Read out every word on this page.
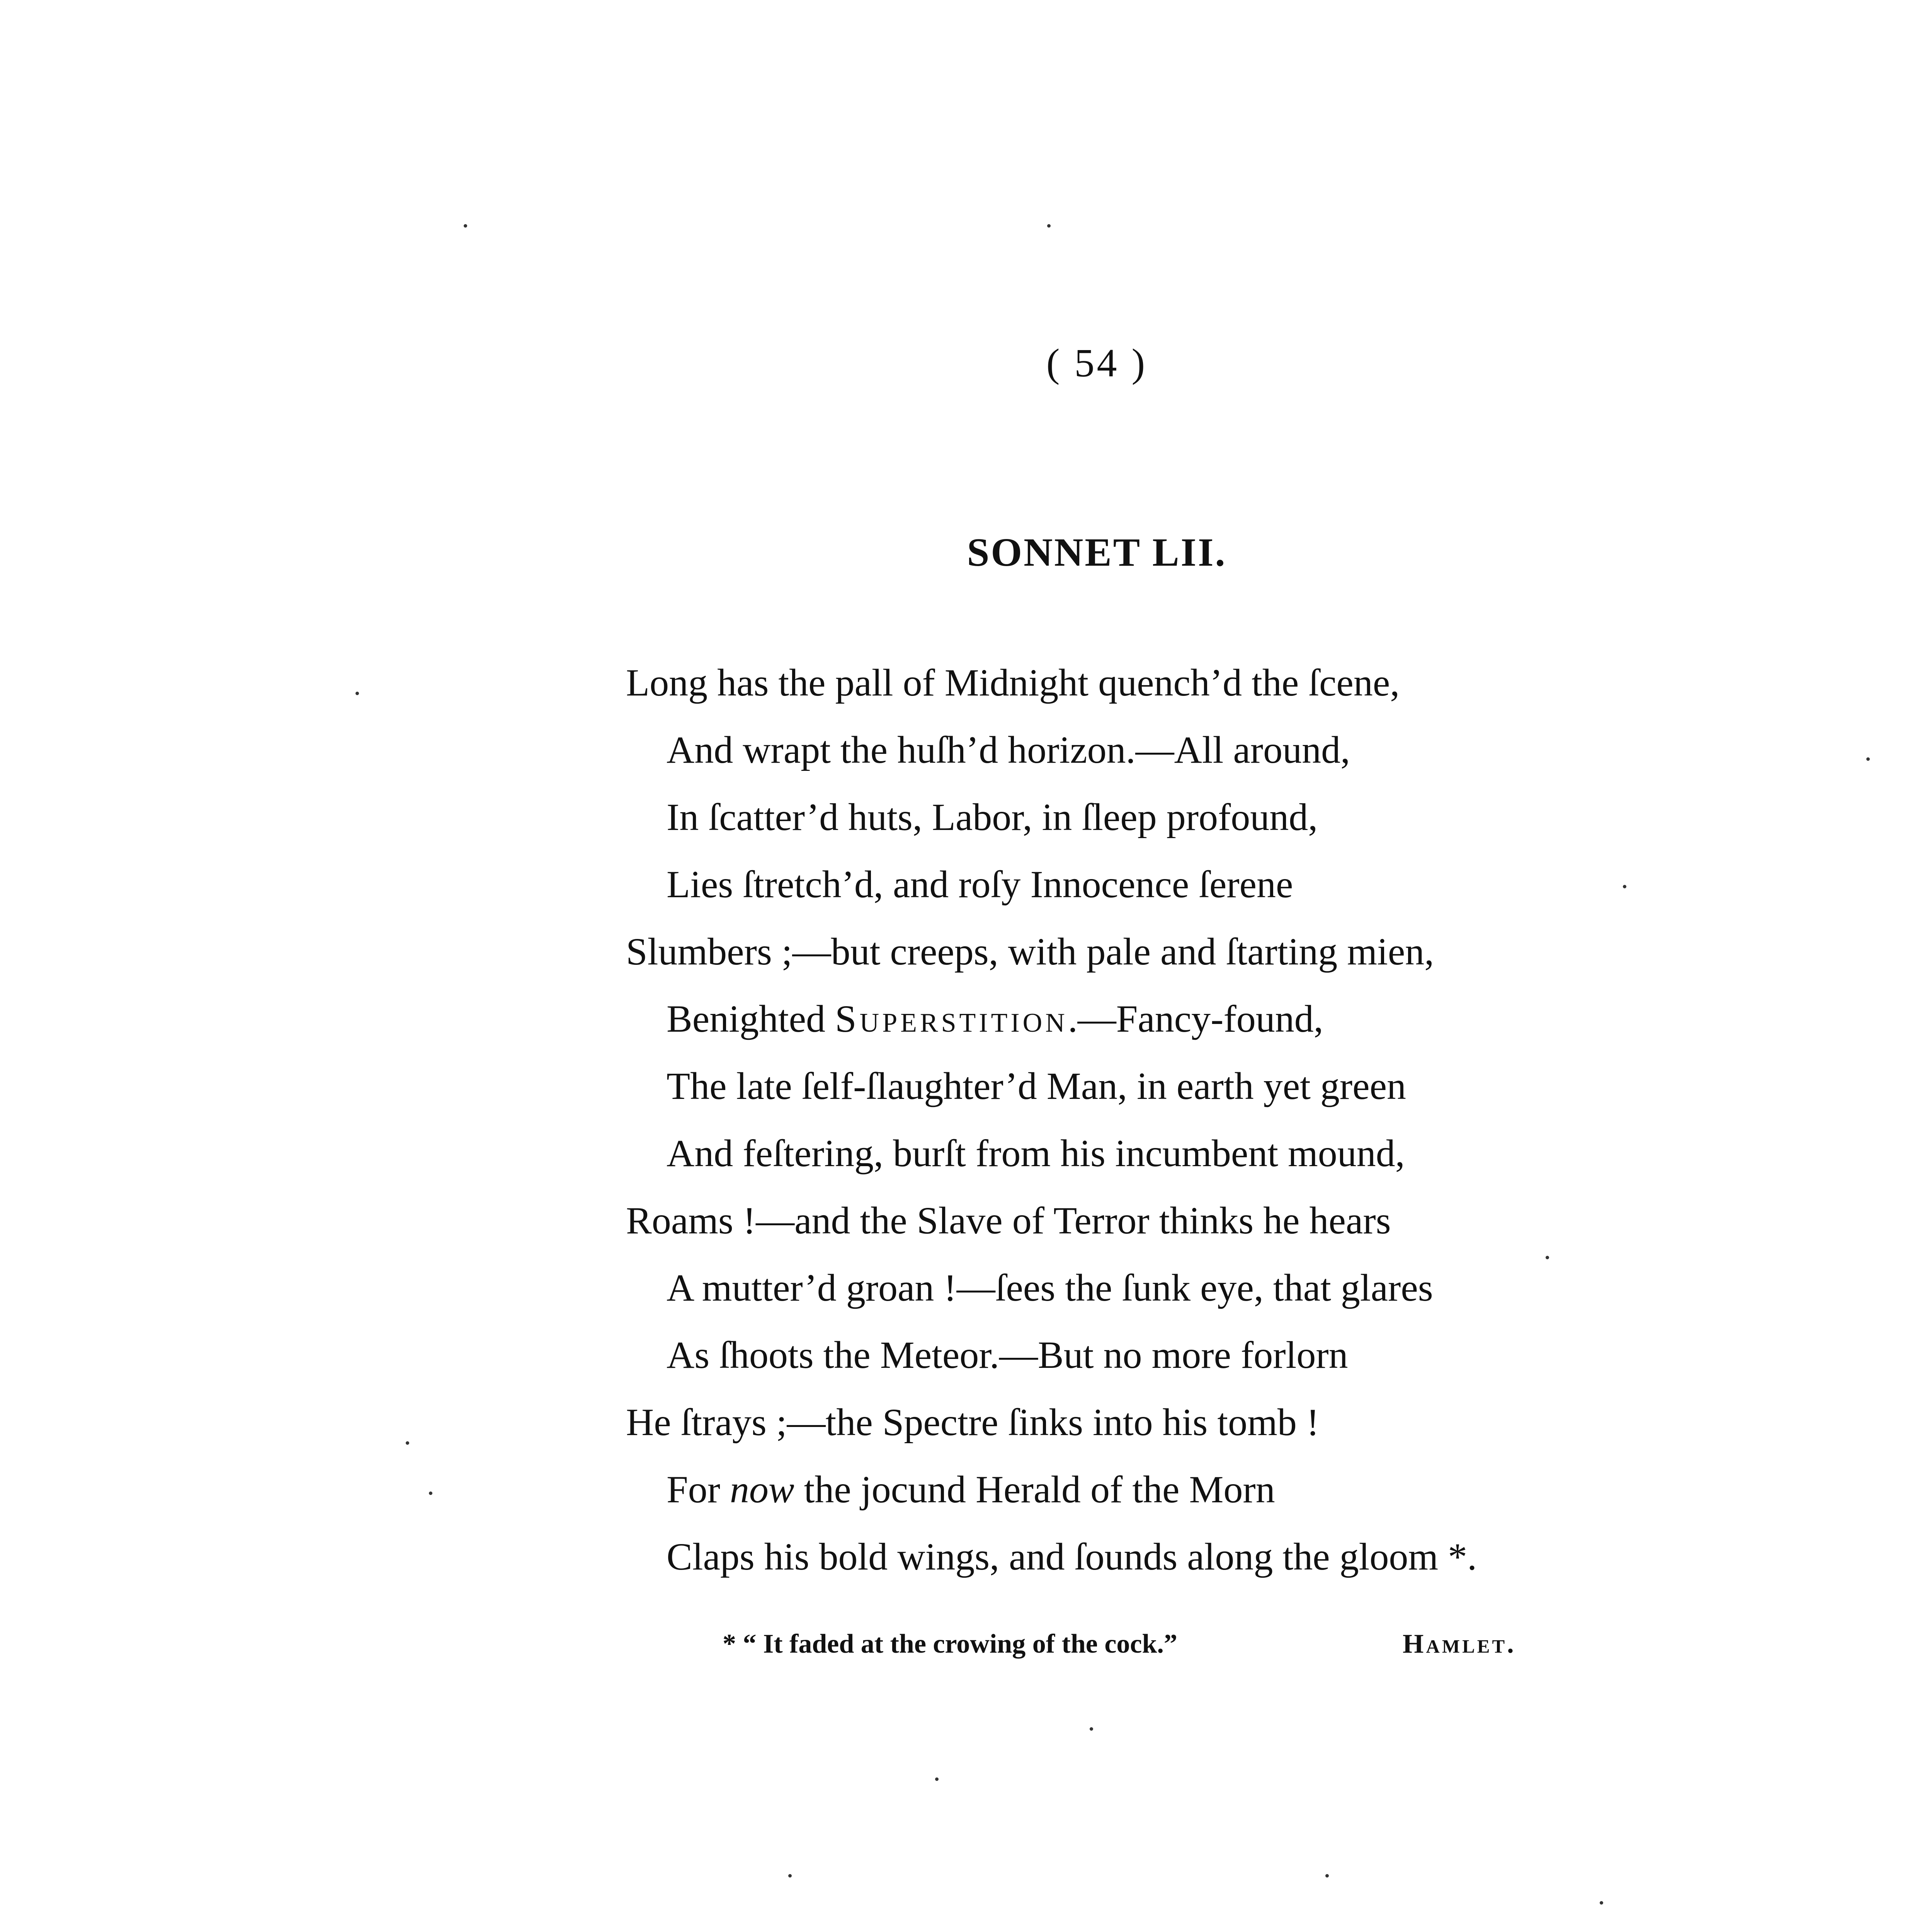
( 54 )
SONNET LII.
Long has the pall of Midnight quench’d the ſcene,
And wrapt the huſh’d horizon.—All around,
In ſcatter’d huts, Labor, in ſleep profound,
Lies ſtretch’d, and roſy Innocence ſerene
Slumbers ;—but creeps, with pale and ſtarting mien,
Benighted Superstition.—Fancy-found,
The late ſelf-ſlaughter’d Man, in earth yet green
And feſtering, burſt from his incumbent mound,
Roams !—and the Slave of Terror thinks he hears
A mutter’d groan !—ſees the ſunk eye, that glares
As ſhoots the Meteor.—But no more forlorn
He ſtrays ;—the Spectre ſinks into his tomb !
For now the jocund Herald of the Morn
Claps his bold wings, and ſounds along the gloom *.
* “ It faded at the crowing of the cock.”	Hamlet.
